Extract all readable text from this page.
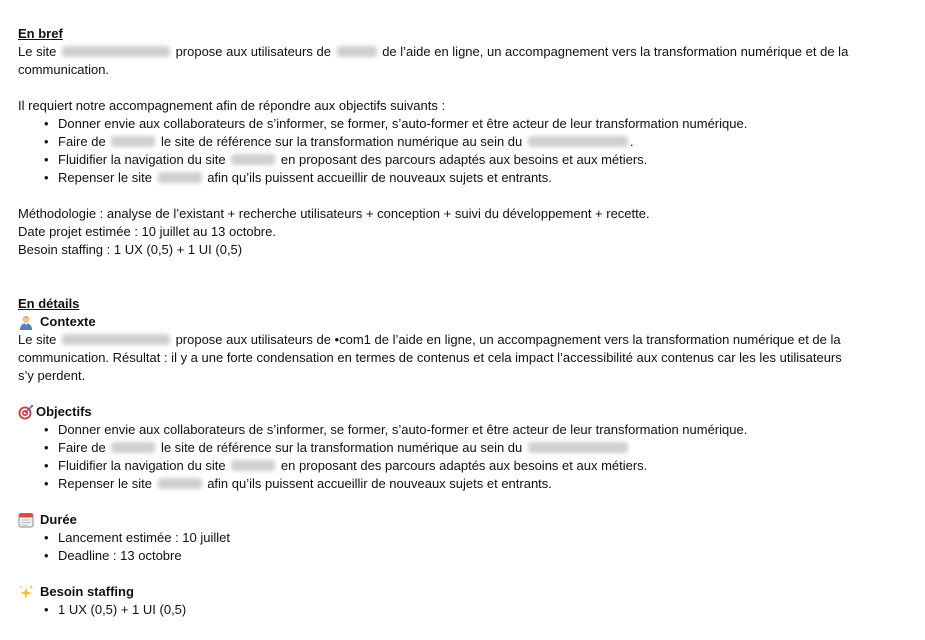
En bref
Le site	propose aux utilisateurs de	de l’aide en ligne, un accompagnement vers la transformation numérique et de la
communication.
Il requiert notre accompagnement afin de répondre aux objectifs suivants :
• Donner envie aux collaborateurs de s’informer, se former, s’auto-former et être acteur de leur transformation numérique.
• Faire de	le site de référence sur la transformation numérique au sein du	.
• Fluidifier la navigation du site	en proposant des parcours adaptés aux besoins et aux métiers.
• Repenser le site	afin qu’ils puissent accueillir de nouveaux sujets et entrants.
Méthodologie : analyse de l’existant + recherche utilisateurs + conception + suivi du développement + recette.
Date projet estimée : 10 juillet au 13 octobre.
Besoin staffing : 1 UX (0,5) + 1 UI (0,5)
En détails
Contexte
Le site	propose aux utilisateurs de •com1 de l’aide en ligne, un accompagnement vers la transformation numérique et de la
communication. Résultat : il y a une forte condensation en termes de contenus et cela impact l’accessibilité aux contenus car les les utilisateurs
s’y perdent.
Objectifs
• Donner envie aux collaborateurs de s’informer, se former, s’auto-former et être acteur de leur transformation numérique.
• Faire de	le site de référence sur la transformation numérique au sein du
• Fluidifier la navigation du site	en proposant des parcours adaptés aux besoins et aux métiers.
• Repenser le site	afin qu’ils puissent accueillir de nouveaux sujets et entrants.
Durée
• Lancement estimée : 10 juillet
• Deadline : 13 octobre
Besoin staffing
• 1 UX (0,5) + 1 UI (0,5)
